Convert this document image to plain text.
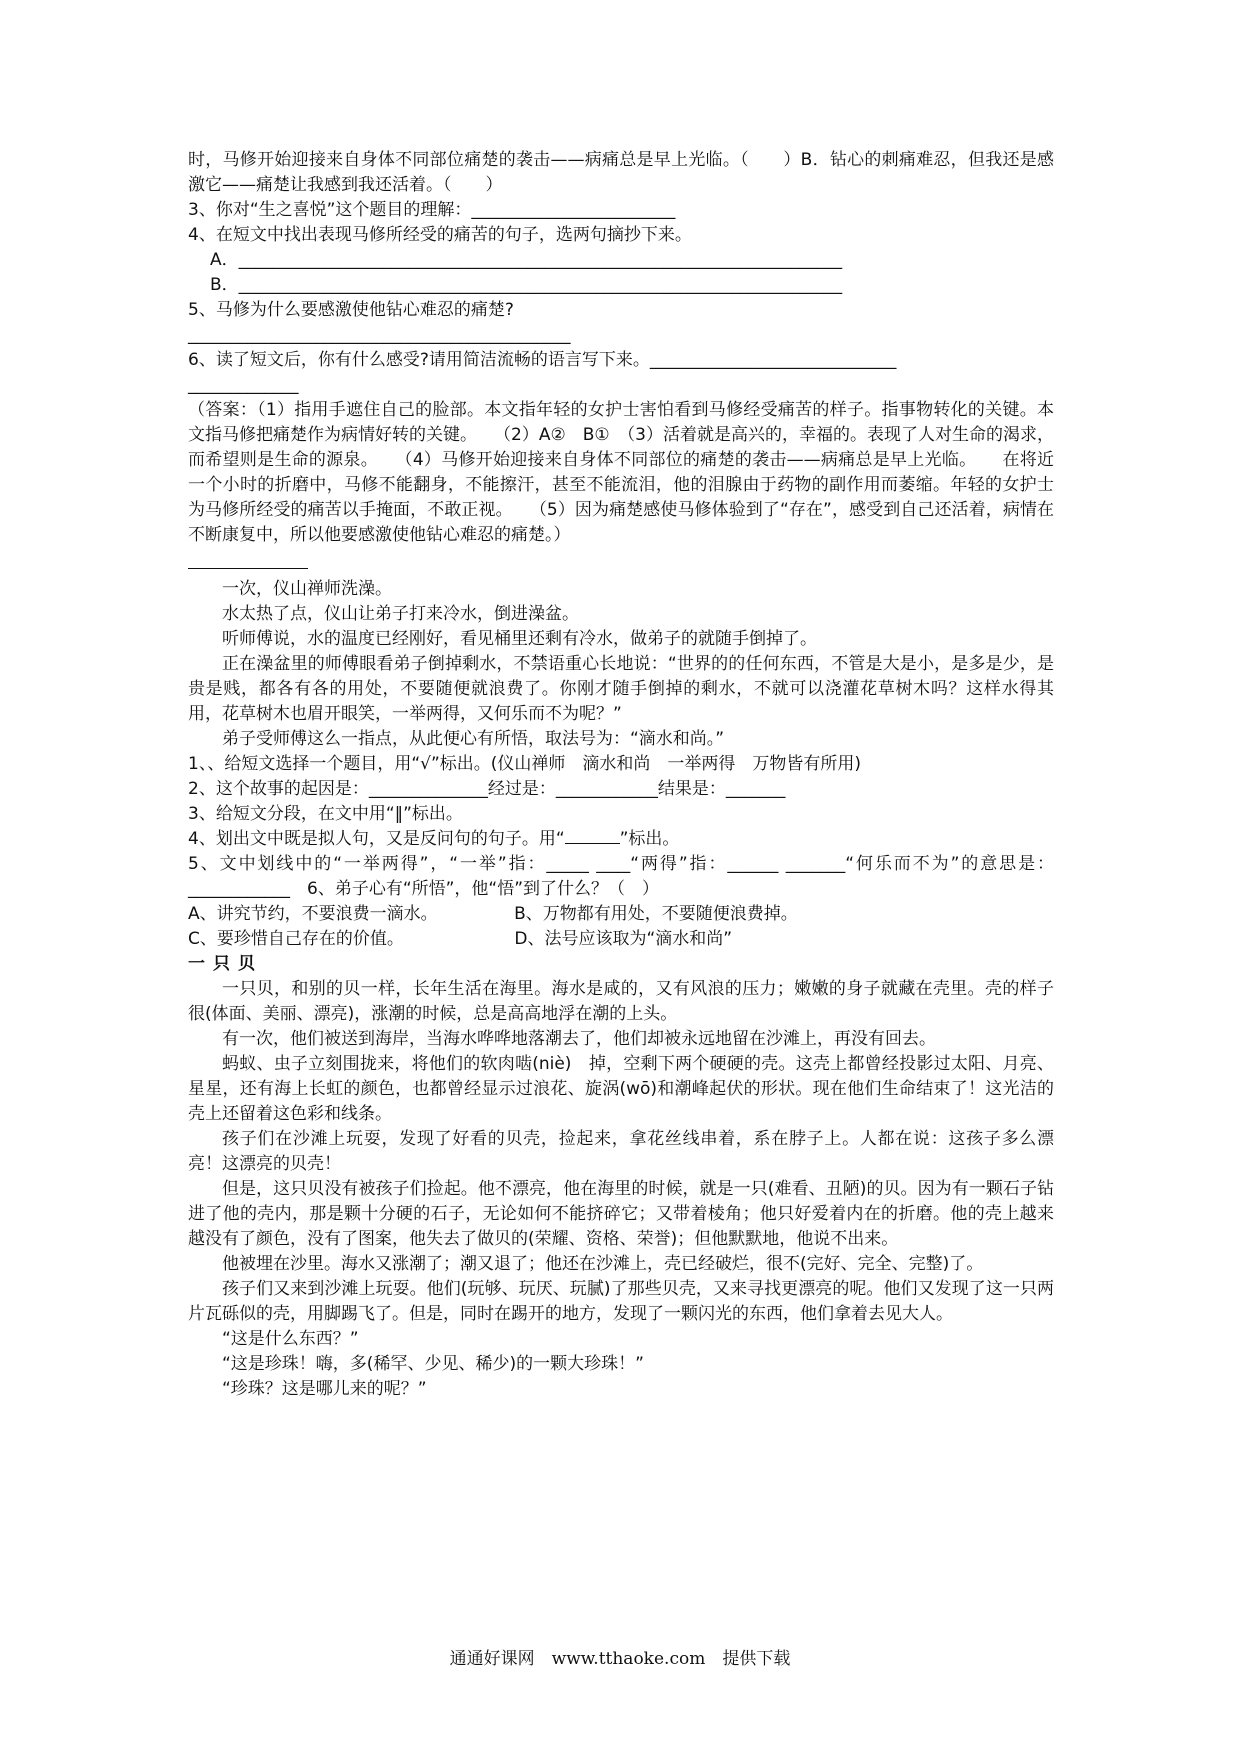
时，马修开始迎接来自身体不同部位痛楚的袭击——病痛总是早上光临。（　　）B．钻心的刺痛难忍，但我还是感激它——痛楚让我感到我还活着。（　　）

3、你对“生之喜悦”这个题目的理解：________________________

4、在短文中找出表现马修所经受的痛苦的句子，选两句摘抄下来。

A．_______________________________________________________________________

B．_______________________________________________________________________

5、马修为什么要感激使他钻心难忍的痛楚?

_____________________________________________

6、读了短文后，你有什么感受?请用简洁流畅的语言写下来。_____________________________

_____________

（答案：（1）指用手遮住自己的脸部。本文指年轻的女护士害怕看到马修经受痛苦的样子。指事物转化的关键。本文指马修把痛楚作为病情好转的关键。　　（2）A②　B①　（3）活着就是高兴的，幸福的。表现了人对生命的渴求，而希望则是生命的源泉。　　（4）马修开始迎接来自身体不同部位的痛楚的袭击——病痛总是早上光临。　　在将近一个小时的折磨中，马修不能翻身，不能擦汗，甚至不能流泪，他的泪腺由于药物的副作用而萎缩。年轻的女护士为马修所经受的痛苦以手掩面，不敢正视。　　（5）因为痛楚感使马修体验到了“存在”，感受到自己还活着，病情在不断康复中，所以他要感激使他钻心难忍的痛楚。）

一次，仪山禅师洗澡。

水太热了点，仪山让弟子打来冷水，倒进澡盆。

听师傅说，水的温度已经刚好，看见桶里还剩有冷水，做弟子的就随手倒掉了。

正在澡盆里的师傅眼看弟子倒掉剩水，不禁语重心长地说：“世界的的任何东西，不管是大是小，是多是少，是贵是贱，都各有各的用处，不要随便就浪费了。你刚才随手倒掉的剩水，不就可以浇灌花草树木吗？这样水得其用，花草树木也眉开眼笑，一举两得，又何乐而不为呢？”

弟子受师傅这么一指点，从此便心有所悟，取法号为：“滴水和尚。”

1、、给短文选择一个题目，用“√”标出。(仪山禅师　滴水和尚　一举两得　万物皆有所用)

2、这个故事的起因是：______________经过是：____________结果是：_______

3、给短文分段，在文中用“‖”标出。

4、划出文中既是拟人句，又是反问句的句子。用“	”标出。

5、文中划线中的“一举两得”，“一举”指：_____ ____“两得”指：______ _______“何乐而不为”的意思是：____________　6、弟子心有“所悟”，他“悟”到了什么？（　）

A、讲究节约，不要浪费一滴水。　　　　　B、万物都有用处，不要随便浪费掉。

C、要珍惜自己存在的价值。　　　　　　　D、法号应该取为“滴水和尚”

一只贝

一只贝，和别的贝一样，长年生活在海里。海水是咸的，又有风浪的压力；嫩嫩的身子就藏在壳里。壳的样子很(体面、美丽、漂亮)，涨潮的时候，总是高高地浮在潮的上头。

有一次，他们被送到海岸，当海水哗哗地落潮去了，他们却被永远地留在沙滩上，再没有回去。

蚂蚁、虫子立刻围拢来，将他们的软肉啮(niè)　掉，空剩下两个硬硬的壳。这壳上都曾经投影过太阳、月亮、星星，还有海上长虹的颜色，也都曾经显示过浪花、旋涡(wō)和潮峰起伏的形状。现在他们生命结束了！这光洁的壳上还留着这色彩和线条。

孩子们在沙滩上玩耍，发现了好看的贝壳，捡起来，拿花丝线串着，系在脖子上。人都在说：这孩子多么漂亮！这漂亮的贝壳！

但是，这只贝没有被孩子们捡起。他不漂亮，他在海里的时候，就是一只(难看、丑陋)的贝。因为有一颗石子钻进了他的壳内，那是颗十分硬的石子，无论如何不能挤碎它；又带着棱角；他只好爱着内在的折磨。他的壳上越来越没有了颜色，没有了图案，他失去了做贝的(荣耀、资格、荣誉)；但他默默地，他说不出来。

他被埋在沙里。海水又涨潮了；潮又退了；他还在沙滩上，壳已经破烂，很不(完好、完全、完整)了。

孩子们又来到沙滩上玩耍。他们(玩够、玩厌、玩腻)了那些贝壳，又来寻找更漂亮的呢。他们又发现了这一只两片瓦砾似的壳，用脚踢飞了。但是，同时在踢开的地方，发现了一颗闪光的东西，他们拿着去见大人。

“这是什么东西？”

“这是珍珠！嗨，多(稀罕、少见、稀少)的一颗大珍珠！”

“珍珠？这是哪儿来的呢？”

通通好课网　www.tthaoke.com　提供下载
